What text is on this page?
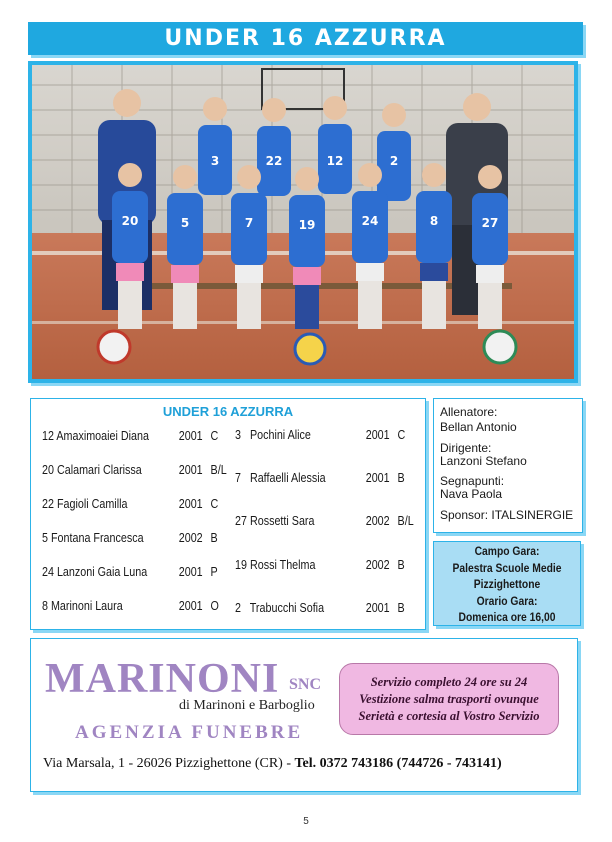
UNDER 16 AZZURRA
3	22	12	2
20	5	7	19	24	8	27
UNDER 16 AZZURRA
12 Amaximoaiei Diana 2001 C
20 Calamari Clarissa	2001 B/L
22 Fagioli Camilla	2001 C
5 Fontana Francesca	2002 B
24 Lanzoni Gaia Luna	2001 P
8 Marinoni Laura	2001 O
3 Pochini Alice	2001 C
7 Raffaelli Alessia	2001 B
27 Rossetti Sara	2002 B/L
19 Rossi Thelma	2002 B
2 Trabucchi Sofia	2001 B
Allenatore:
Bellan Antonio
Dirigente:
Lanzoni Stefano
Segnapunti:
Nava Paola
Sponsor: ITALSINERGIE
Campo Gara:
Palestra Scuole Medie
Pizzighettone
Orario Gara:
Domenica ore 16,00
MARINONI SNC
di Marinoni e Barboglio
AGENZIA FUNEBRE
Servizio completo 24 ore su 24
Vestizione salma trasporti ovunque
Serietà e cortesia al Vostro Servizio
Via Marsala, 1 - 26026 Pizzighettone (CR) - Tel. 0372 743186 (744726 - 743141)
5
